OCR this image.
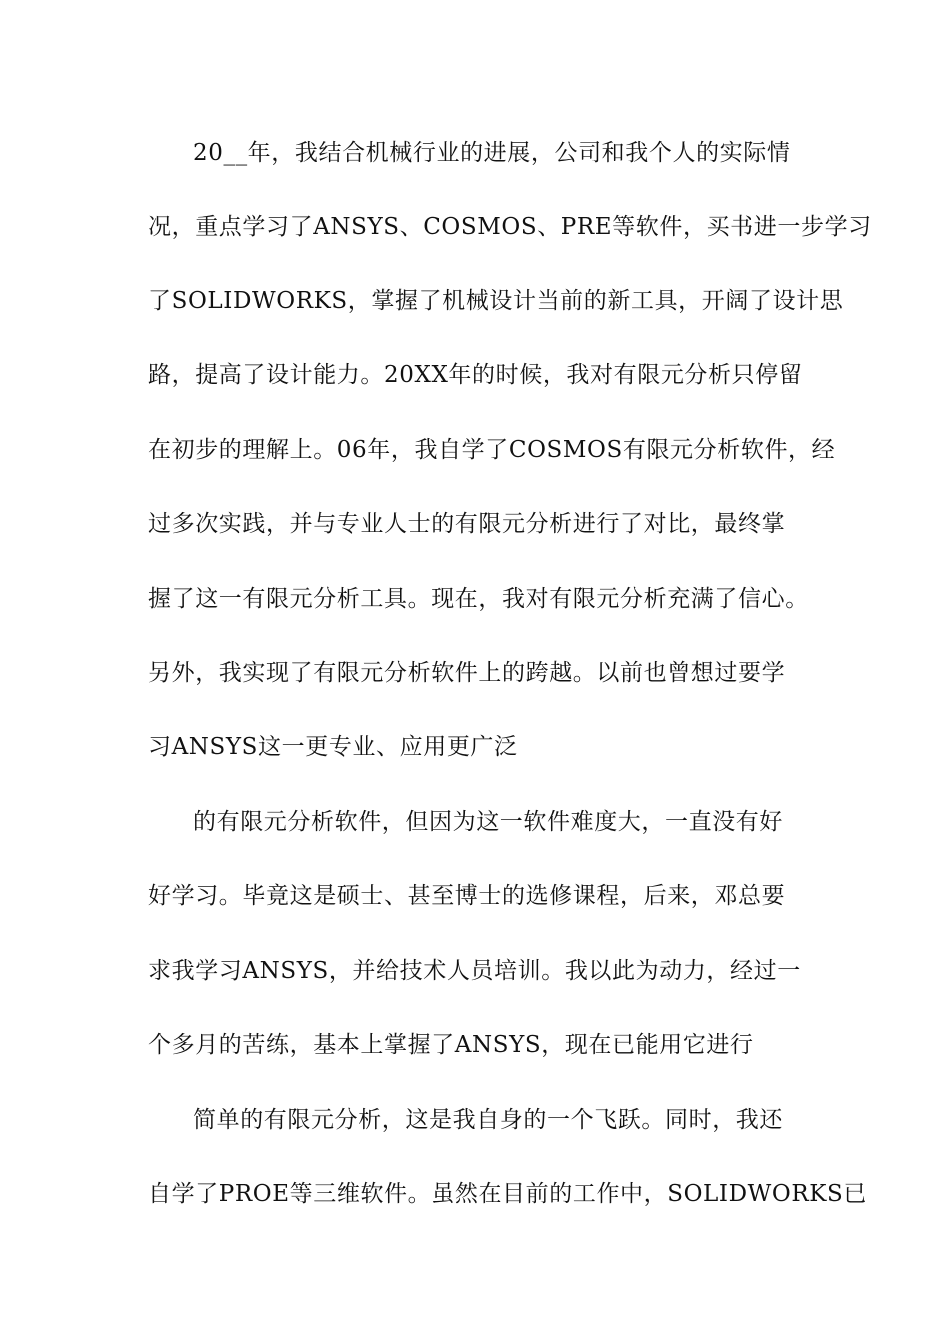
20__年，我结合机械行业的进展，公司和我个人的实际情
况，重点学习了ANSYS、COSMOS、PRE等软件，买书进一步学习
了SOLIDWORKS，掌握了机械设计当前的新工具，开阔了设计思
路，提高了设计能力。20XX年的时候，我对有限元分析只停留
在初步的理解上。06年，我自学了COSMOS有限元分析软件，经
过多次实践，并与专业人士的有限元分析进行了对比，最终掌
握了这一有限元分析工具。现在，我对有限元分析充满了信心。
另外，我实现了有限元分析软件上的跨越。以前也曾想过要学
习ANSYS这一更专业、应用更广泛
的有限元分析软件，但因为这一软件难度大，一直没有好
好学习。毕竟这是硕士、甚至博士的选修课程，后来，邓总要
求我学习ANSYS，并给技术人员培训。我以此为动力，经过一
个多月的苦练，基本上掌握了ANSYS，现在已能用它进行
简单的有限元分析，这是我自身的一个飞跃。同时，我还
自学了PROE等三维软件。虽然在目前的工作中，SOLIDWORKS已
